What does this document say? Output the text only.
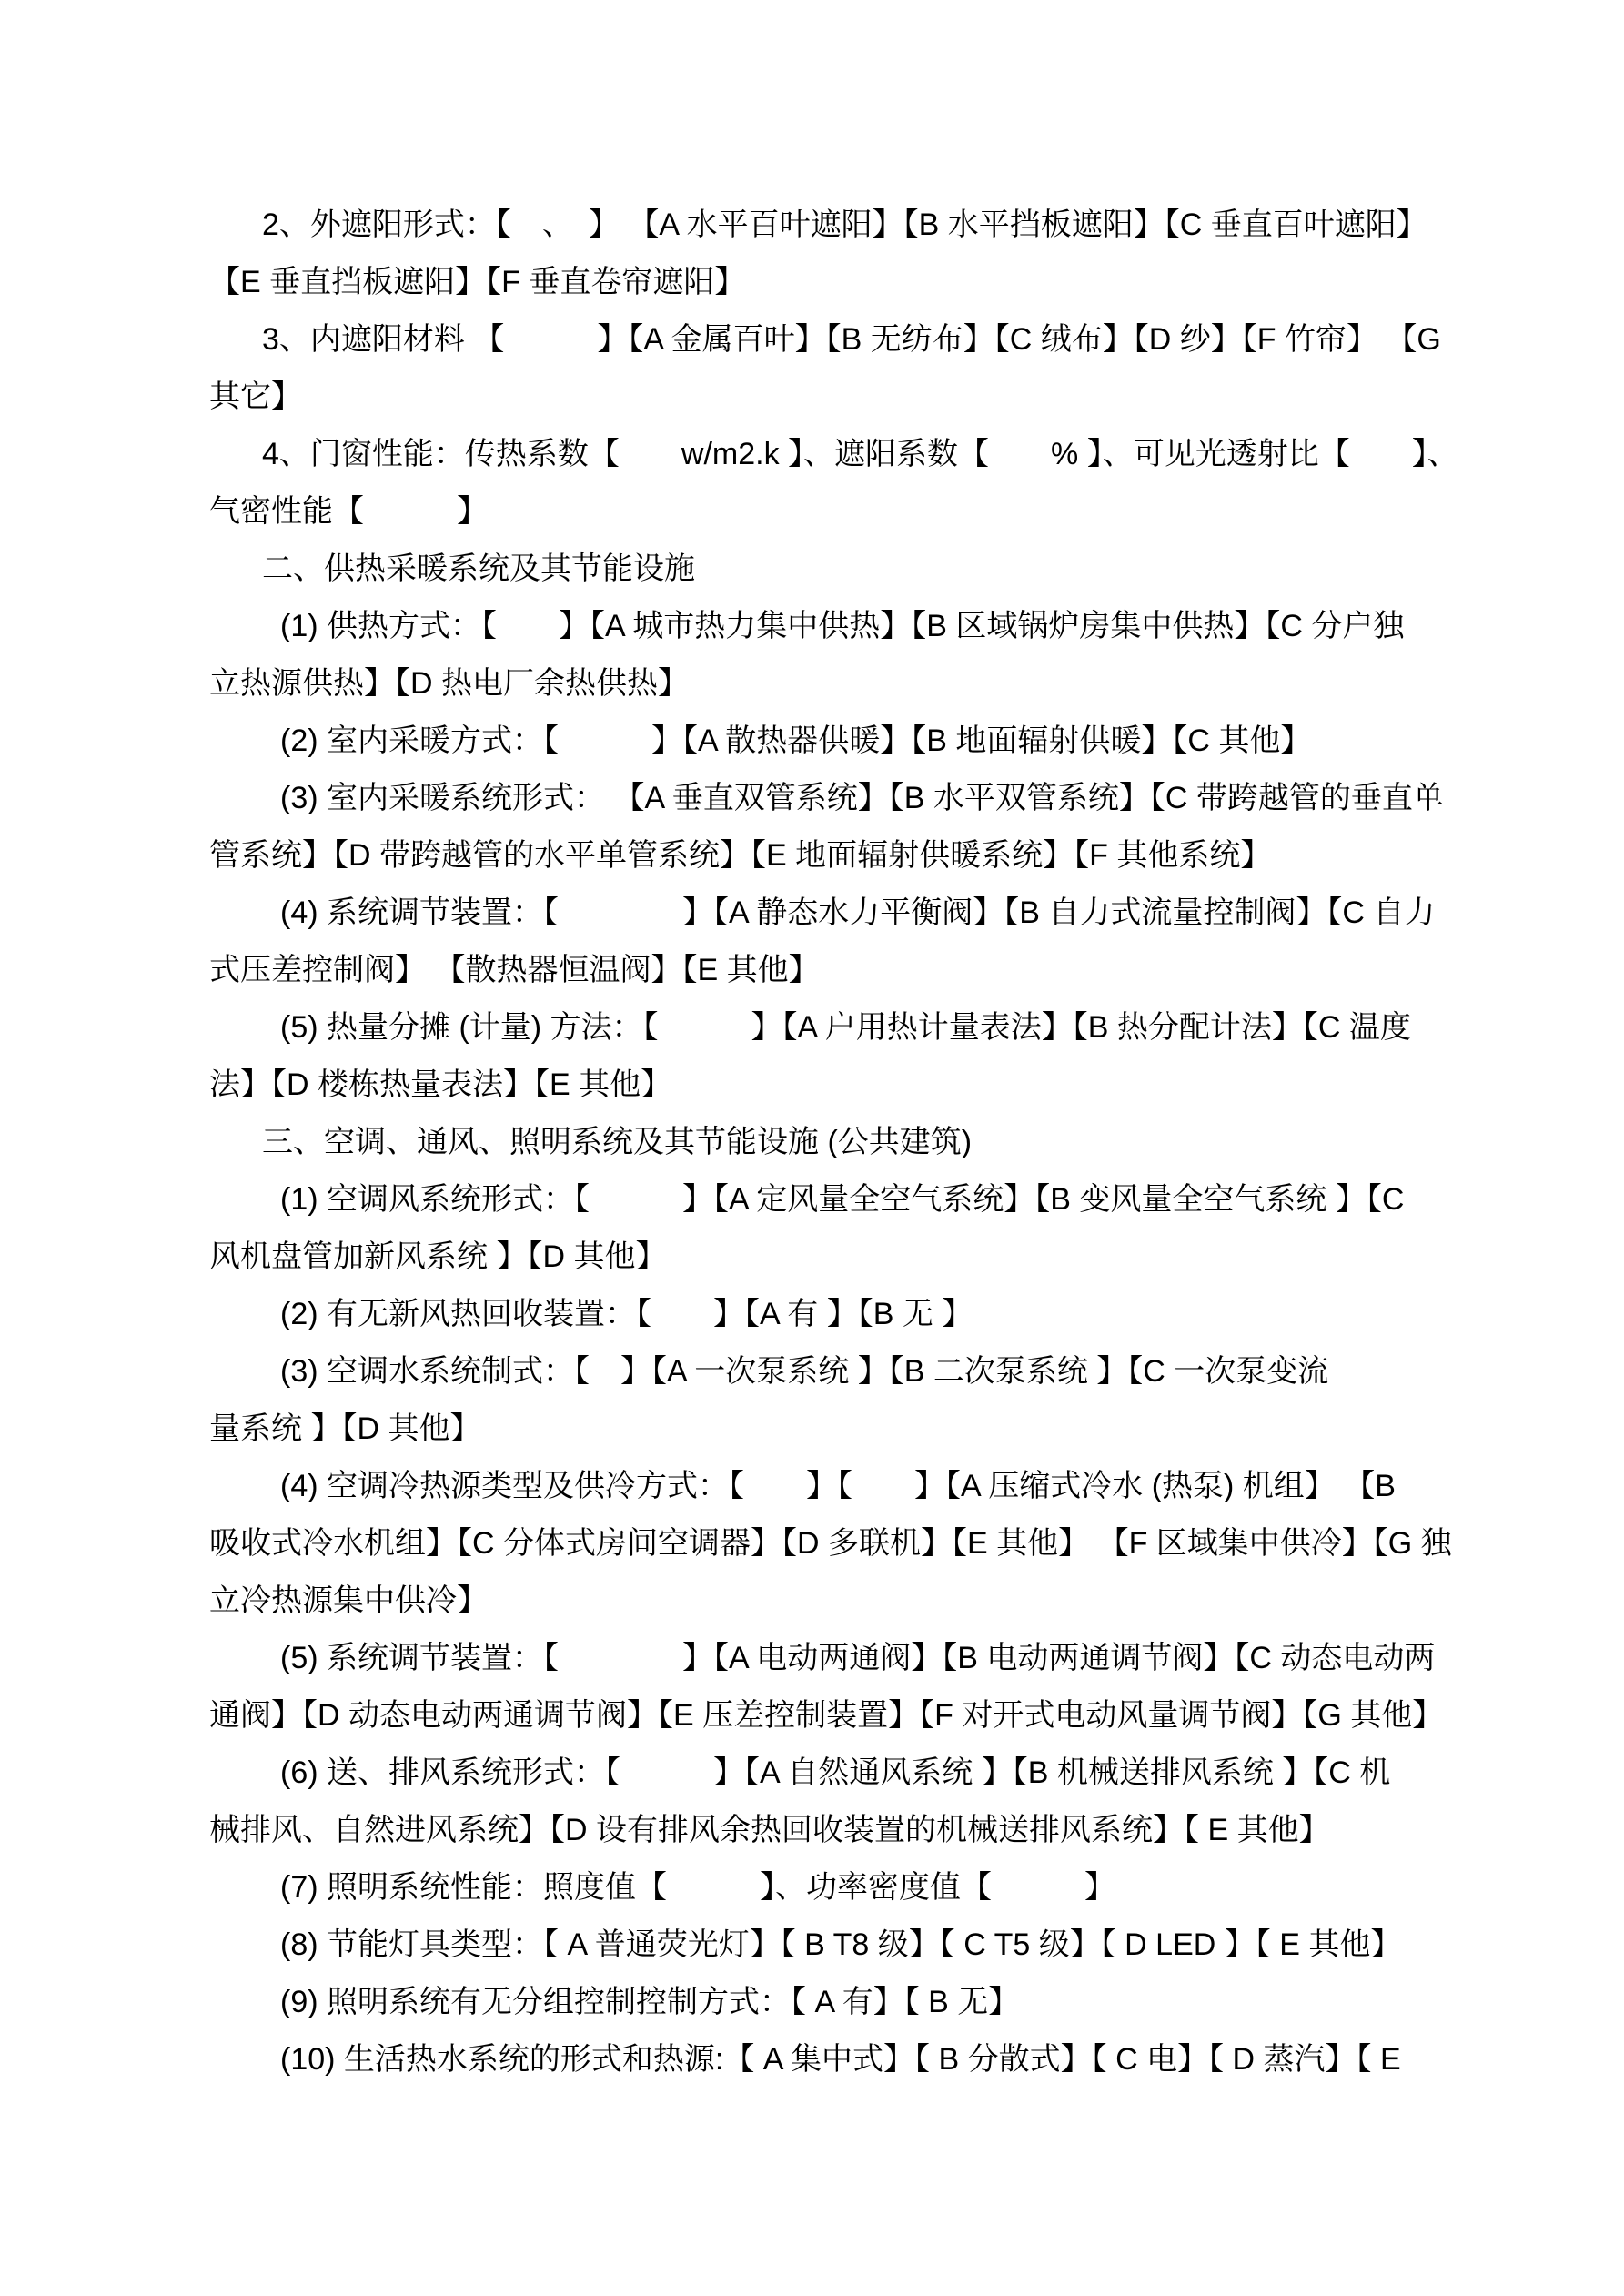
2、外遮阳形式：【　、　】 【A 水平百叶遮阳】【B 水平挡板遮阳】【C 垂直百叶遮阳】
【E 垂直挡板遮阳】【F 垂直卷帘遮阳】
3、内遮阳材料 【　　　】【A 金属百叶】【B 无纺布】【C 绒布】【D 纱】【F 竹帘】 【G
其它】
4、门窗性能：传热系数【　　w/m2.k 】、遮阳系数【　　% 】、可见光透射比【　　】、
气密性能【　　　】
二、供热采暖系统及其节能设施
(1) 供热方式：【　　】【A 城市热力集中供热】【B 区域锅炉房集中供热】【C 分户独
立热源供热】【D 热电厂余热供热】
(2) 室内采暖方式：【　　　】【A 散热器供暖】【B 地面辐射供暖】【C 其他】
(3) 室内采暖系统形式： 【A 垂直双管系统】【B 水平双管系统】【C 带跨越管的垂直单
管系统】【D 带跨越管的水平单管系统】【E 地面辐射供暖系统】【F 其他系统】
(4) 系统调节装置：【　　　　】【A 静态水力平衡阀】【B 自力式流量控制阀】【C 自力
式压差控制阀】 【散热器恒温阀】【E 其他】
(5) 热量分摊 (计量) 方法：【　　　】【A 户用热计量表法】【B 热分配计法】【C 温度
法】【D 楼栋热量表法】【E 其他】
三、空调、通风、照明系统及其节能设施 (公共建筑)
(1) 空调风系统形式：【　　　】【A 定风量全空气系统】【B 变风量全空气系统 】【C
风机盘管加新风系统 】【D 其他】
(2) 有无新风热回收装置：【　　】【A 有 】【B 无 】
(3) 空调水系统制式：【　】【A 一次泵系统 】【B 二次泵系统 】【C 一次泵变流
量系统 】【D 其他】
(4) 空调冷热源类型及供冷方式：【　　】【　　】【A 压缩式冷水 (热泵) 机组】 【B
吸收式冷水机组】【C 分体式房间空调器】【D 多联机】【E 其他】 【F 区域集中供冷】【G 独
立冷热源集中供冷】
(5) 系统调节装置：【　　　　】【A 电动两通阀】【B 电动两通调节阀】【C 动态电动两
通阀】【D 动态电动两通调节阀】【E 压差控制装置】【F 对开式电动风量调节阀】【G 其他】
(6) 送、排风系统形式：【　　　】【A 自然通风系统 】【B 机械送排风系统 】【C 机
械排风、自然进风系统】【D 设有排风余热回收装置的机械送排风系统】【 E 其他】
(7) 照明系统性能：照度值【　　　】、功率密度值【　　　】
(8) 节能灯具类型：【 A 普通荧光灯】【 B T8 级】【 C T5 级】【 D LED 】【 E 其他】
(9) 照明系统有无分组控制控制方式：【 A 有】【 B 无】
(10) 生活热水系统的形式和热源:【 A 集中式】【 B 分散式】【 C 电】【 D 蒸汽】【 E
